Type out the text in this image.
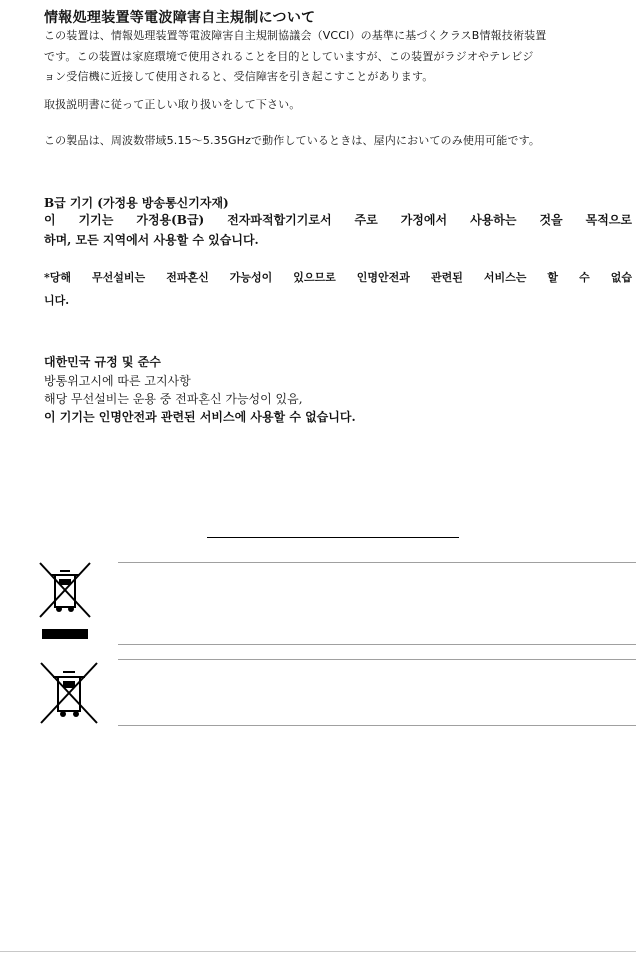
情報処理装置等電波障害自主規制について
この装置は、情報処理装置等電波障害自主規制協議会（VCCI）の基準に基づくクラスB情報技術装置
です。この装置は家庭環境で使用されることを目的としていますが、この装置がラジオやテレビジ
ョン受信機に近接して使用されると、受信障害を引き起こすことがあります。
取扱説明書に従って正しい取り扱いをして下さい。
この製品は、周波数帯域5.15～5.35GHzで動作しているときは、屋内においてのみ使用可能です。
B급 기기 (가정용 방송통신기자재)
이 기기는 가정용(B급) 전자파적합기기로서 주로 가정에서 사용하는 것을 목적으로
하며, 모든 지역에서 사용할 수 있습니다.
*당해 무선설비는 전파혼신 가능성이 있으므로 인명안전과 관련된 서비스는 할 수 없습
니다.
대한민국 규정 및 준수
방통위고시에 따른 고지사항
해당 무선설비는 운용 중 전파혼신 가능성이 있음,
이 기기는 인명안전과 관련된 서비스에 사용할 수 없습니다.
